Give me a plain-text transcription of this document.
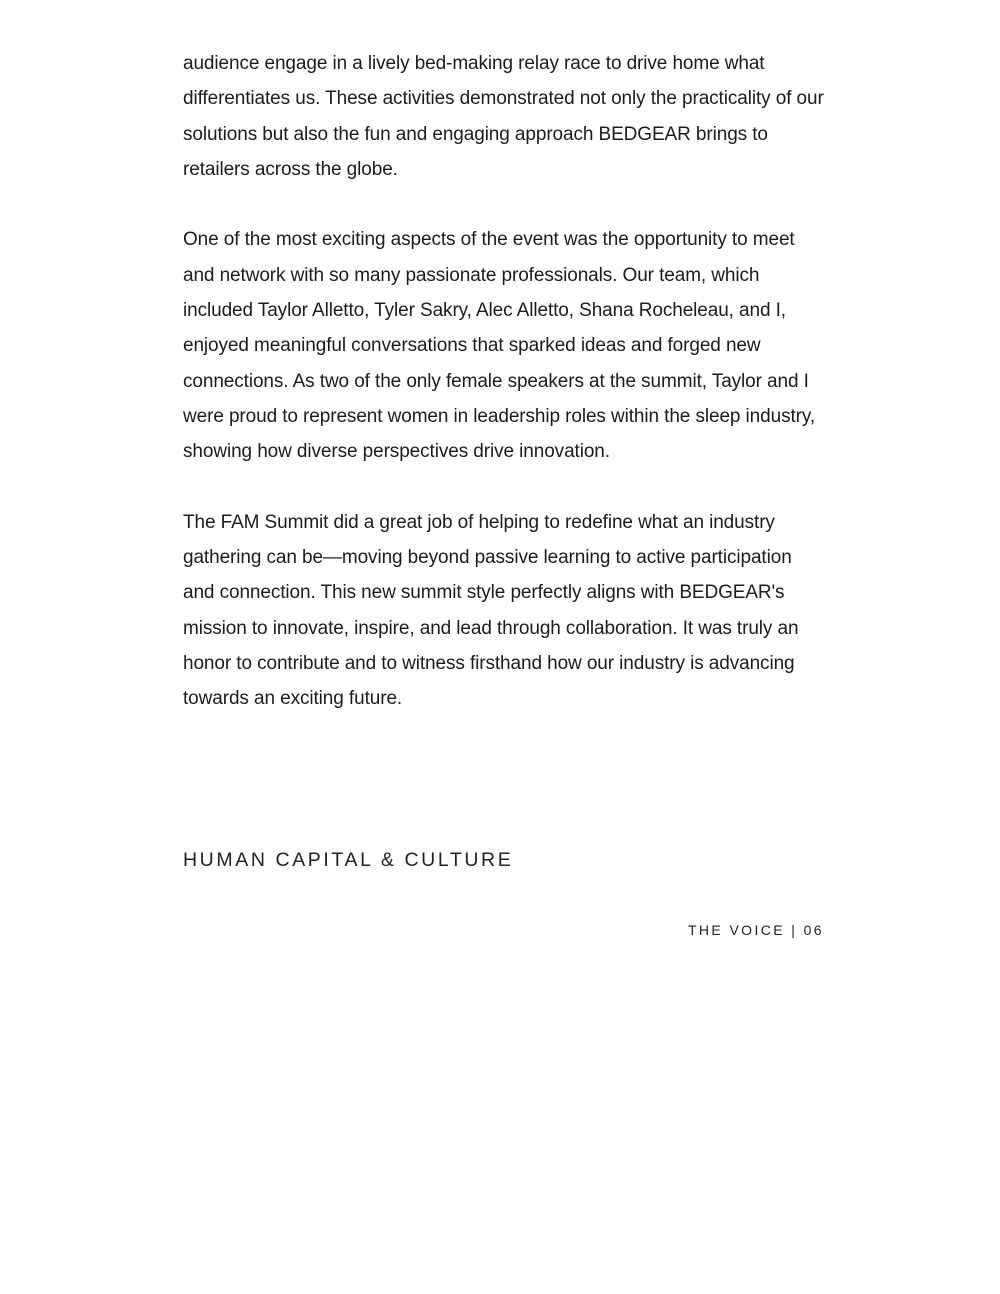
audience engage in a lively bed-making relay race to drive home what differentiates us. These activities demonstrated not only the practicality of our solutions but also the fun and engaging approach BEDGEAR brings to retailers across the globe.

One of the most exciting aspects of the event was the opportunity to meet and network with so many passionate professionals. Our team, which included Taylor Alletto, Tyler Sakry, Alec Alletto, Shana Rocheleau, and I, enjoyed meaningful conversations that sparked ideas and forged new connections. As two of the only female speakers at the summit, Taylor and I were proud to represent women in leadership roles within the sleep industry, showing how diverse perspectives drive innovation.

The FAM Summit did a great job of helping to redefine what an industry gathering can be—moving beyond passive learning to active participation and connection. This new summit style perfectly aligns with BEDGEAR's mission to innovate, inspire, and lead through collaboration. It was truly an honor to contribute and to witness firsthand how our industry is advancing towards an exciting future.

HUMAN CAPITAL & CULTURE
THE VOICE | 06
